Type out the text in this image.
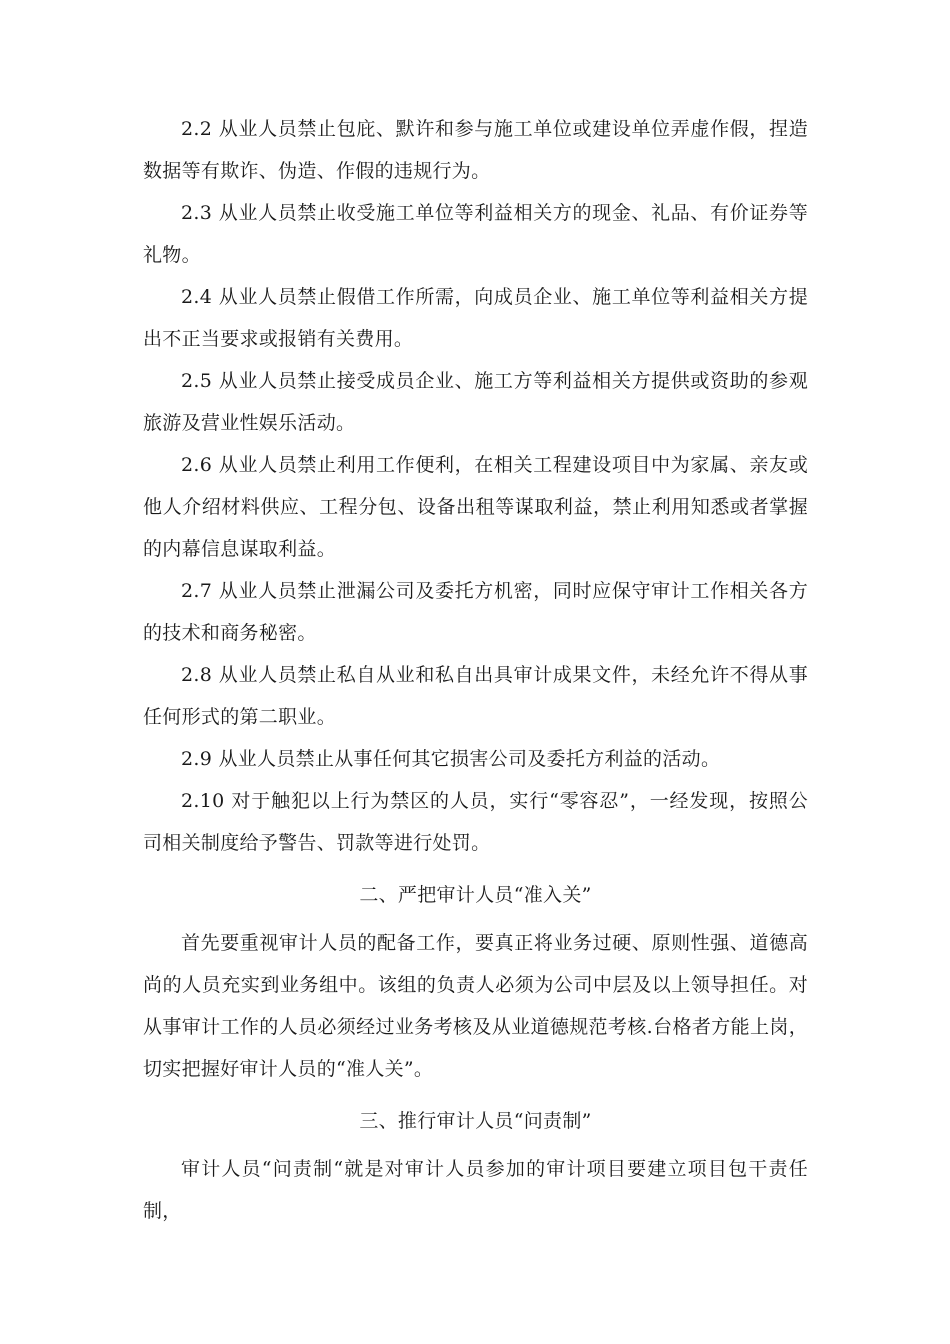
2.2 从业人员禁止包庇、默许和参与施工单位或建设单位弄虚作假，捏造数据等有欺诈、伪造、作假的违规行为。

2.3 从业人员禁止收受施工单位等利益相关方的现金、礼品、有价证券等礼物。

2.4 从业人员禁止假借工作所需，向成员企业、施工单位等利益相关方提出不正当要求或报销有关费用。

2.5 从业人员禁止接受成员企业、施工方等利益相关方提供或资助的参观旅游及营业性娱乐活动。

2.6 从业人员禁止利用工作便利，在相关工程建设项目中为家属、亲友或他人介绍材料供应、工程分包、设备出租等谋取利益，禁止利用知悉或者掌握的内幕信息谋取利益。

2.7 从业人员禁止泄漏公司及委托方机密，同时应保守审计工作相关各方的技术和商务秘密。

2.8 从业人员禁止私自从业和私自出具审计成果文件，未经允许不得从事任何形式的第二职业。

2.9 从业人员禁止从事任何其它损害公司及委托方利益的活动。

2.10 对于触犯以上行为禁区的人员，实行“零容忍”，一经发现，按照公司相关制度给予警告、罚款等进行处罚。

二、严把审计人员“准入关”

首先要重视审计人员的配备工作，要真正将业务过硬、原则性强、道德高尚的人员充实到业务组中。该组的负责人必须为公司中层及以上领导担任。对从事审计工作的人员必须经过业务考核及从业道德规范考核.台格者方能上岗，切实把握好审计人员的“准人关”。

三、推行审计人员“问责制”

审计人员“问责制“就是对审计人员参加的审计项目要建立项目包干责任制，
